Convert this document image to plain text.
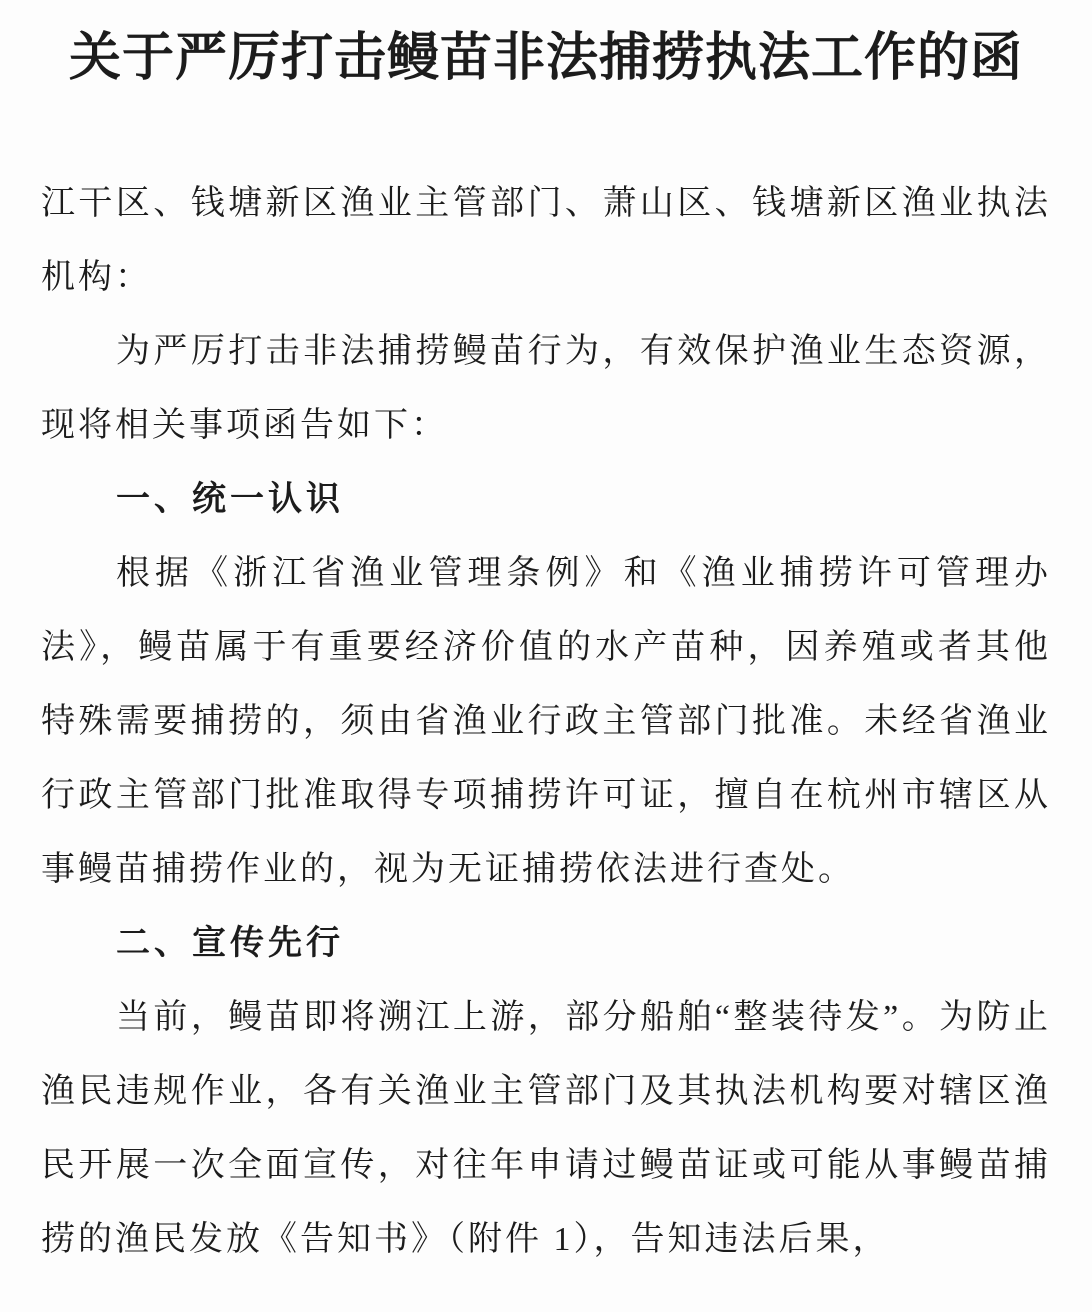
关于严厉打击鳗苗非法捕捞执法工作的函

江干区、钱塘新区渔业主管部门、萧山区、钱塘新区渔业执法机构：

为严厉打击非法捕捞鳗苗行为，有效保护渔业生态资源，现将相关事项函告如下：

一、统一认识

根据《浙江省渔业管理条例》和《渔业捕捞许可管理办法》，鳗苗属于有重要经济价值的水产苗种，因养殖或者其他特殊需要捕捞的，须由省渔业行政主管部门批准。未经省渔业行政主管部门批准取得专项捕捞许可证，擅自在杭州市辖区从事鳗苗捕捞作业的，视为无证捕捞依法进行查处。

二、宣传先行

当前，鳗苗即将溯江上游，部分船舶“整装待发”。为防止渔民违规作业，各有关渔业主管部门及其执法机构要对辖区渔民开展一次全面宣传，对往年申请过鳗苗证或可能从事鳗苗捕捞的渔民发放《告知书》（附件 1），告知违法后果，
